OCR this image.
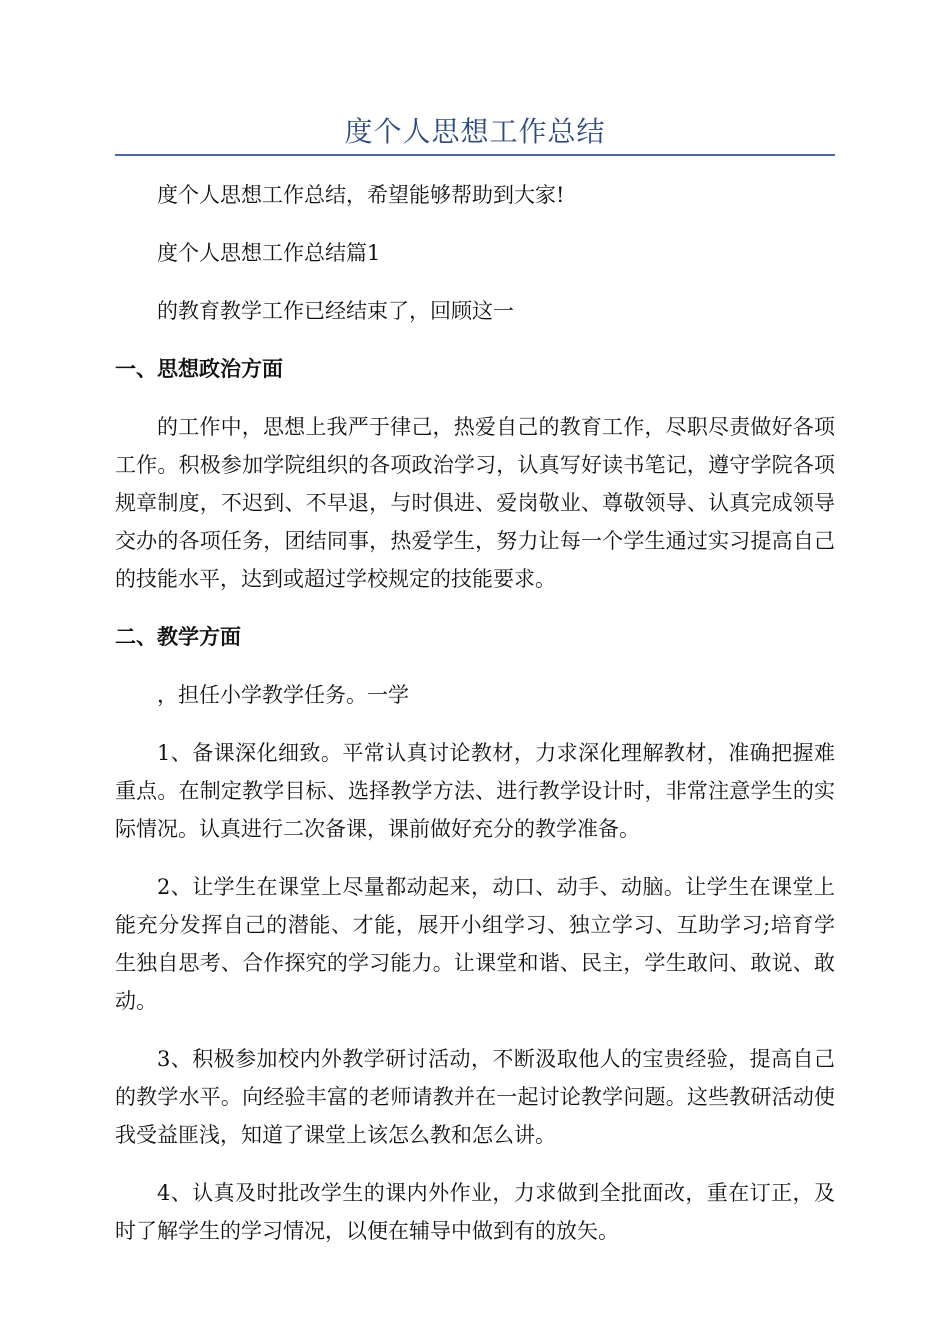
度个人思想工作总结

度个人思想工作总结，希望能够帮助到大家!

度个人思想工作总结篇1

的教育教学工作已经结束了，回顾这一

一、思想政治方面

的工作中，思想上我严于律己，热爱自己的教育工作，尽职尽责做好各项工作。积极参加学院组织的各项政治学习，认真写好读书笔记，遵守学院各项规章制度，不迟到、不早退，与时俱进、爱岗敬业、尊敬领导、认真完成领导交办的各项任务，团结同事，热爱学生，努力让每一个学生通过实习提高自己的技能水平，达到或超过学校规定的技能要求。

二、教学方面

，担任小学教学任务。一学

1、备课深化细致。平常认真讨论教材，力求深化理解教材，准确把握难重点。在制定教学目标、选择教学方法、进行教学设计时，非常注意学生的实际情况。认真进行二次备课，课前做好充分的教学准备。

2、让学生在课堂上尽量都动起来，动口、动手、动脑。让学生在课堂上能充分发挥自己的潜能、才能，展开小组学习、独立学习、互助学习;培育学生独自思考、合作探究的学习能力。让课堂和谐、民主，学生敢问、敢说、敢动。

3、积极参加校内外教学研讨活动，不断汲取他人的宝贵经验，提高自己的教学水平。向经验丰富的老师请教并在一起讨论教学问题。这些教研活动使我受益匪浅，知道了课堂上该怎么教和怎么讲。

4、认真及时批改学生的课内外作业，力求做到全批面改，重在订正，及时了解学生的学习情况，以便在辅导中做到有的放矢。
